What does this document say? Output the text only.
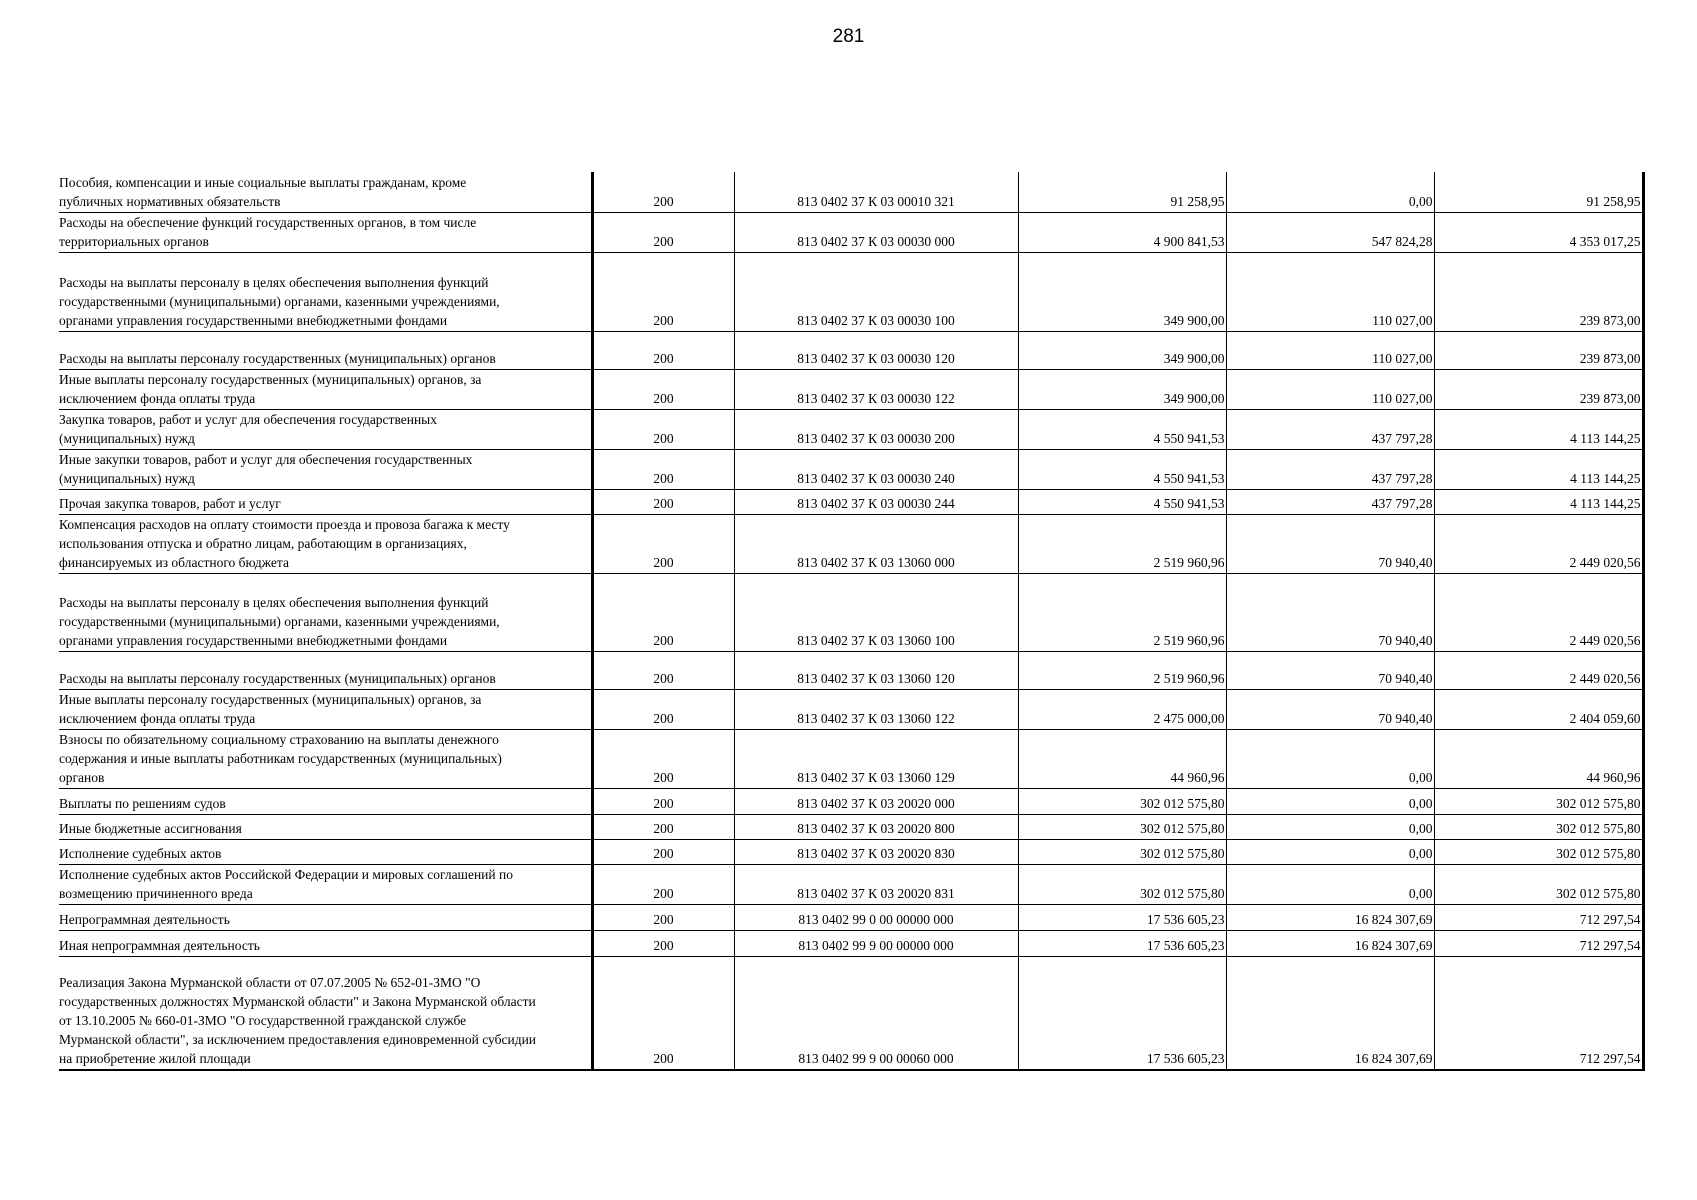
281
Пособия, компенсации и иные социальные выплаты гражданам, кроме
публичных нормативных обязательств	200	813 0402 37 К 03 00010 321	91 258,95	0,00	91 258,95
Расходы на обеспечение функций государственных органов, в том числе
территориальных органов	200	813 0402 37 К 03 00030 000	4 900 841,53	547 824,28	4 353 017,25
Расходы на выплаты персоналу в целях обеспечения выполнения функций
государственными (муниципальными) органами, казенными учреждениями,
органами управления государственными внебюджетными фондами	200	813 0402 37 К 03 00030 100	349 900,00	110 027,00	239 873,00
Расходы на выплаты персоналу государственных (муниципальных) органов	200	813 0402 37 К 03 00030 120	349 900,00	110 027,00	239 873,00
Иные выплаты персоналу государственных (муниципальных) органов, за
исключением фонда оплаты труда	200	813 0402 37 К 03 00030 122	349 900,00	110 027,00	239 873,00
Закупка товаров, работ и услуг для обеспечения государственных
(муниципальных) нужд	200	813 0402 37 К 03 00030 200	4 550 941,53	437 797,28	4 113 144,25
Иные закупки товаров, работ и услуг для обеспечения государственных
(муниципальных) нужд	200	813 0402 37 К 03 00030 240	4 550 941,53	437 797,28	4 113 144,25
Прочая закупка товаров, работ и услуг	200	813 0402 37 К 03 00030 244	4 550 941,53	437 797,28	4 113 144,25
Компенсация расходов на оплату стоимости проезда и провоза багажа к месту
использования отпуска и обратно лицам, работающим в организациях,
финансируемых из областного бюджета	200	813 0402 37 К 03 13060 000	2 519 960,96	70 940,40	2 449 020,56
Расходы на выплаты персоналу в целях обеспечения выполнения функций
государственными (муниципальными) органами, казенными учреждениями,
органами управления государственными внебюджетными фондами	200	813 0402 37 К 03 13060 100	2 519 960,96	70 940,40	2 449 020,56
Расходы на выплаты персоналу государственных (муниципальных) органов	200	813 0402 37 К 03 13060 120	2 519 960,96	70 940,40	2 449 020,56
Иные выплаты персоналу государственных (муниципальных) органов, за
исключением фонда оплаты труда	200	813 0402 37 К 03 13060 122	2 475 000,00	70 940,40	2 404 059,60
Взносы по обязательному социальному страхованию на выплаты денежного
содержания и иные выплаты работникам государственных (муниципальных)
органов	200	813 0402 37 К 03 13060 129	44 960,96	0,00	44 960,96
Выплаты по решениям судов	200	813 0402 37 К 03 20020 000	302 012 575,80	0,00	302 012 575,80
Иные бюджетные ассигнования	200	813 0402 37 К 03 20020 800	302 012 575,80	0,00	302 012 575,80
Исполнение судебных актов	200	813 0402 37 К 03 20020 830	302 012 575,80	0,00	302 012 575,80
Исполнение судебных актов Российской Федерации и мировых соглашений по
возмещению причиненного вреда	200	813 0402 37 К 03 20020 831	302 012 575,80	0,00	302 012 575,80
Непрограммная деятельность	200	813 0402 99 0 00 00000 000	17 536 605,23	16 824 307,69	712 297,54
Иная непрограммная деятельность	200	813 0402 99 9 00 00000 000	17 536 605,23	16 824 307,69	712 297,54
Реализация Закона Мурманской области от 07.07.2005 № 652-01-ЗМО "О
государственных должностях Мурманской области" и Закона Мурманской области
от 13.10.2005 № 660-01-ЗМО "О государственной гражданской службе
Мурманской области", за исключением предоставления единовременной субсидии
на приобретение жилой площади	200	813 0402 99 9 00 00060 000	17 536 605,23	16 824 307,69	712 297,54
